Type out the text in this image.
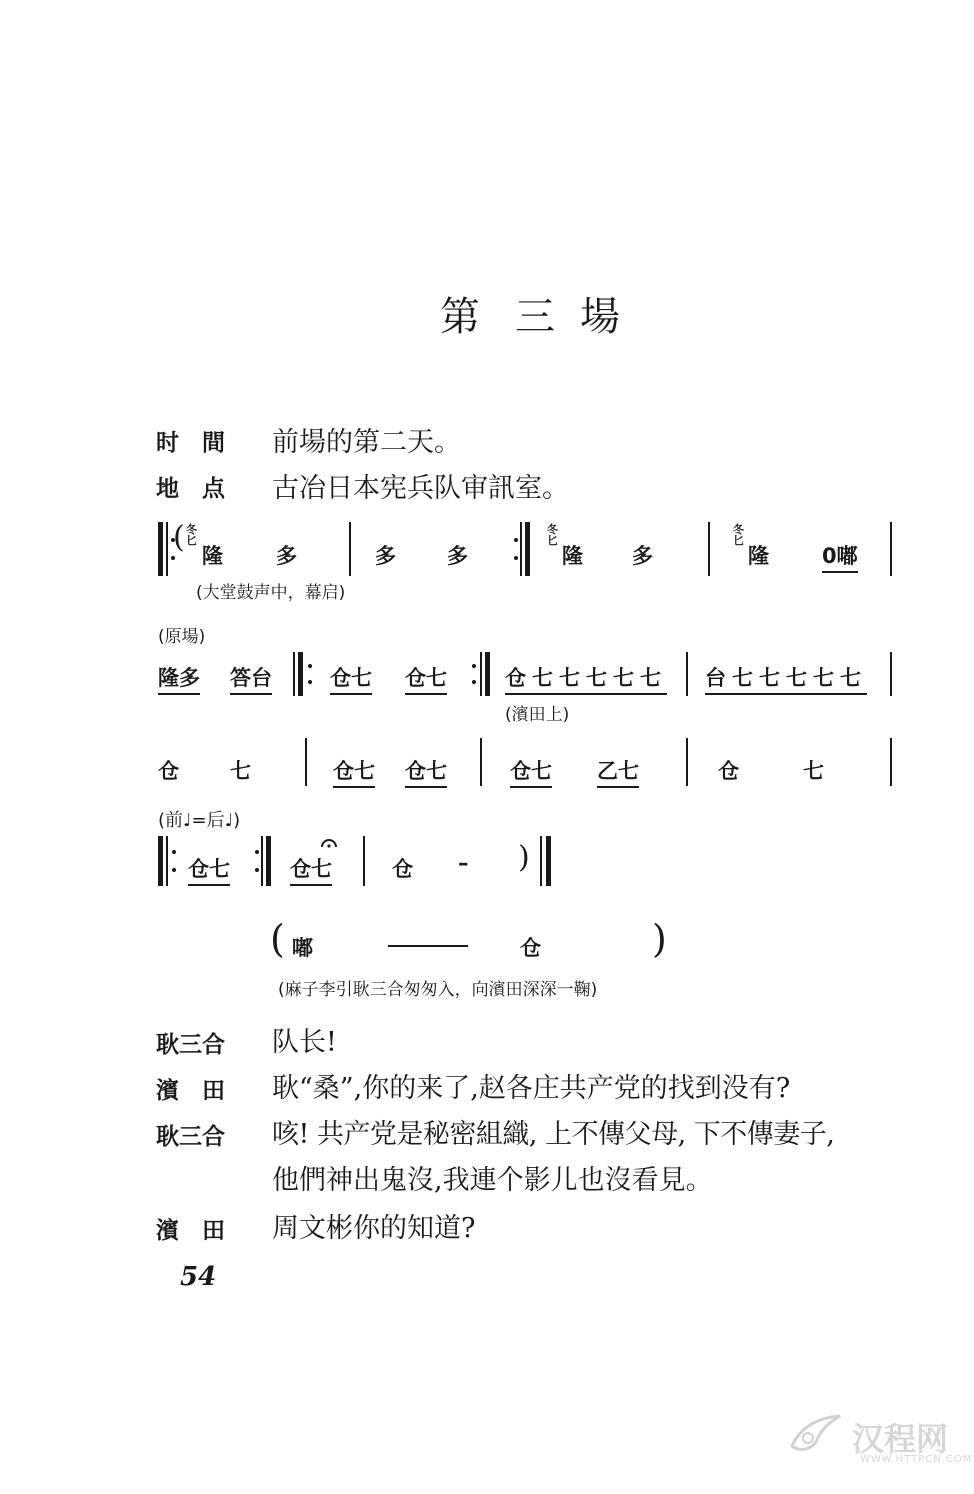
第 三 場
时　間 前場的第二天。
地　点 古冶日本宪兵队审訊室。
( 冬匕
隆	多	多 多
冬匕
隆 多
冬匕
隆	0嘟
(大堂鼓声中，幕启)
(原場)
隆多 答台	仓七 仓七	仓七七七七七 台七七七七七
(濱田上)
仓 七	仓七 仓七	仓七 乙七	仓	七
(前♩=后♩)
仓七	仓七	仓 – )
( 嘟	仓	)
(麻子李引耿三合匆匆入，向濱田深深一鞠)
耿三合 队长!
濱　田 耿“桑”,你的来了,赵各庄共产党的找到没有?
耿三合 咳! 共产党是秘密組織, 上不傳父母, 下不傳妻子,
他們神出鬼沒,我連个影儿也沒看見。
濱　田 周文彬你的知道?
54
汉程网
WWW.HTTPCN.COM
